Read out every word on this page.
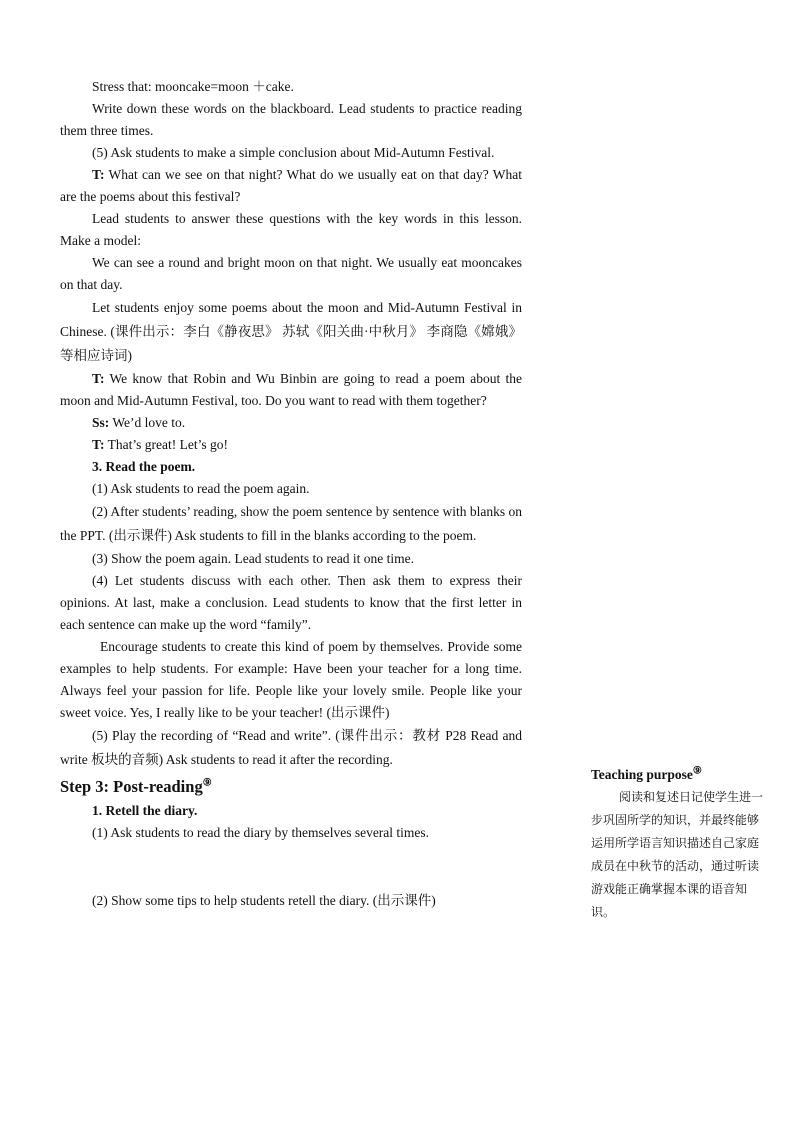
Stress that: mooncake=moon ＋cake.

Write down these words on the blackboard. Lead students to practice reading them three times.

(5) Ask students to make a simple conclusion about Mid-Autumn Festival.

T: What can we see on that night? What do we usually eat on that day? What are the poems about this festival?

Lead students to answer these questions with the key words in this lesson. Make a model:

We can see a round and bright moon on that night. We usually eat mooncakes on that day.

Let students enjoy some poems about the moon and Mid-Autumn Festival in Chinese. (课件出示：李白《静夜思》 苏轼《阳关曲·中秋月》 李商隐《嫦娥》等相应诗词)

T: We know that Robin and Wu Binbin are going to read a poem about the moon and Mid-Autumn Festival, too. Do you want to read with them together?

Ss: We’d love to.

T: That’s great! Let’s go!

3. Read the poem.

(1) Ask students to read the poem again.

(2) After students’ reading, show the poem sentence by sentence with blanks on the PPT. (出示课件) Ask students to fill in the blanks according to the poem.

(3) Show the poem again. Lead students to read it one time.

(4) Let students discuss with each other. Then ask them to express their opinions. At last, make a conclusion. Lead students to know that the first letter in each sentence can make up the word “family”.

Encourage students to create this kind of poem by themselves. Provide some examples to help students. For example: Have been your teacher for a long time. Always feel your passion for life. People like your lovely smile. People like your sweet voice. Yes, I really like to be your teacher! (出示课件)

(5) Play the recording of “Read and write”. (课件出示：教材 P28 Read and write 板块的音频) Ask students to read it after the recording.

Step 3: Post-reading⑨

1. Retell the diary.

(1) Ask students to read the diary by themselves several times.

(2) Show some tips to help students retell the diary. (出示课件)

Teaching purpose⑨

阅读和复述日记使学生进一步巩固所学的知识，并最终能够运用所学语言知识描述自己家庭成员在中秋节的活动，通过听读游戏能正确掌握本课的语音知识。
